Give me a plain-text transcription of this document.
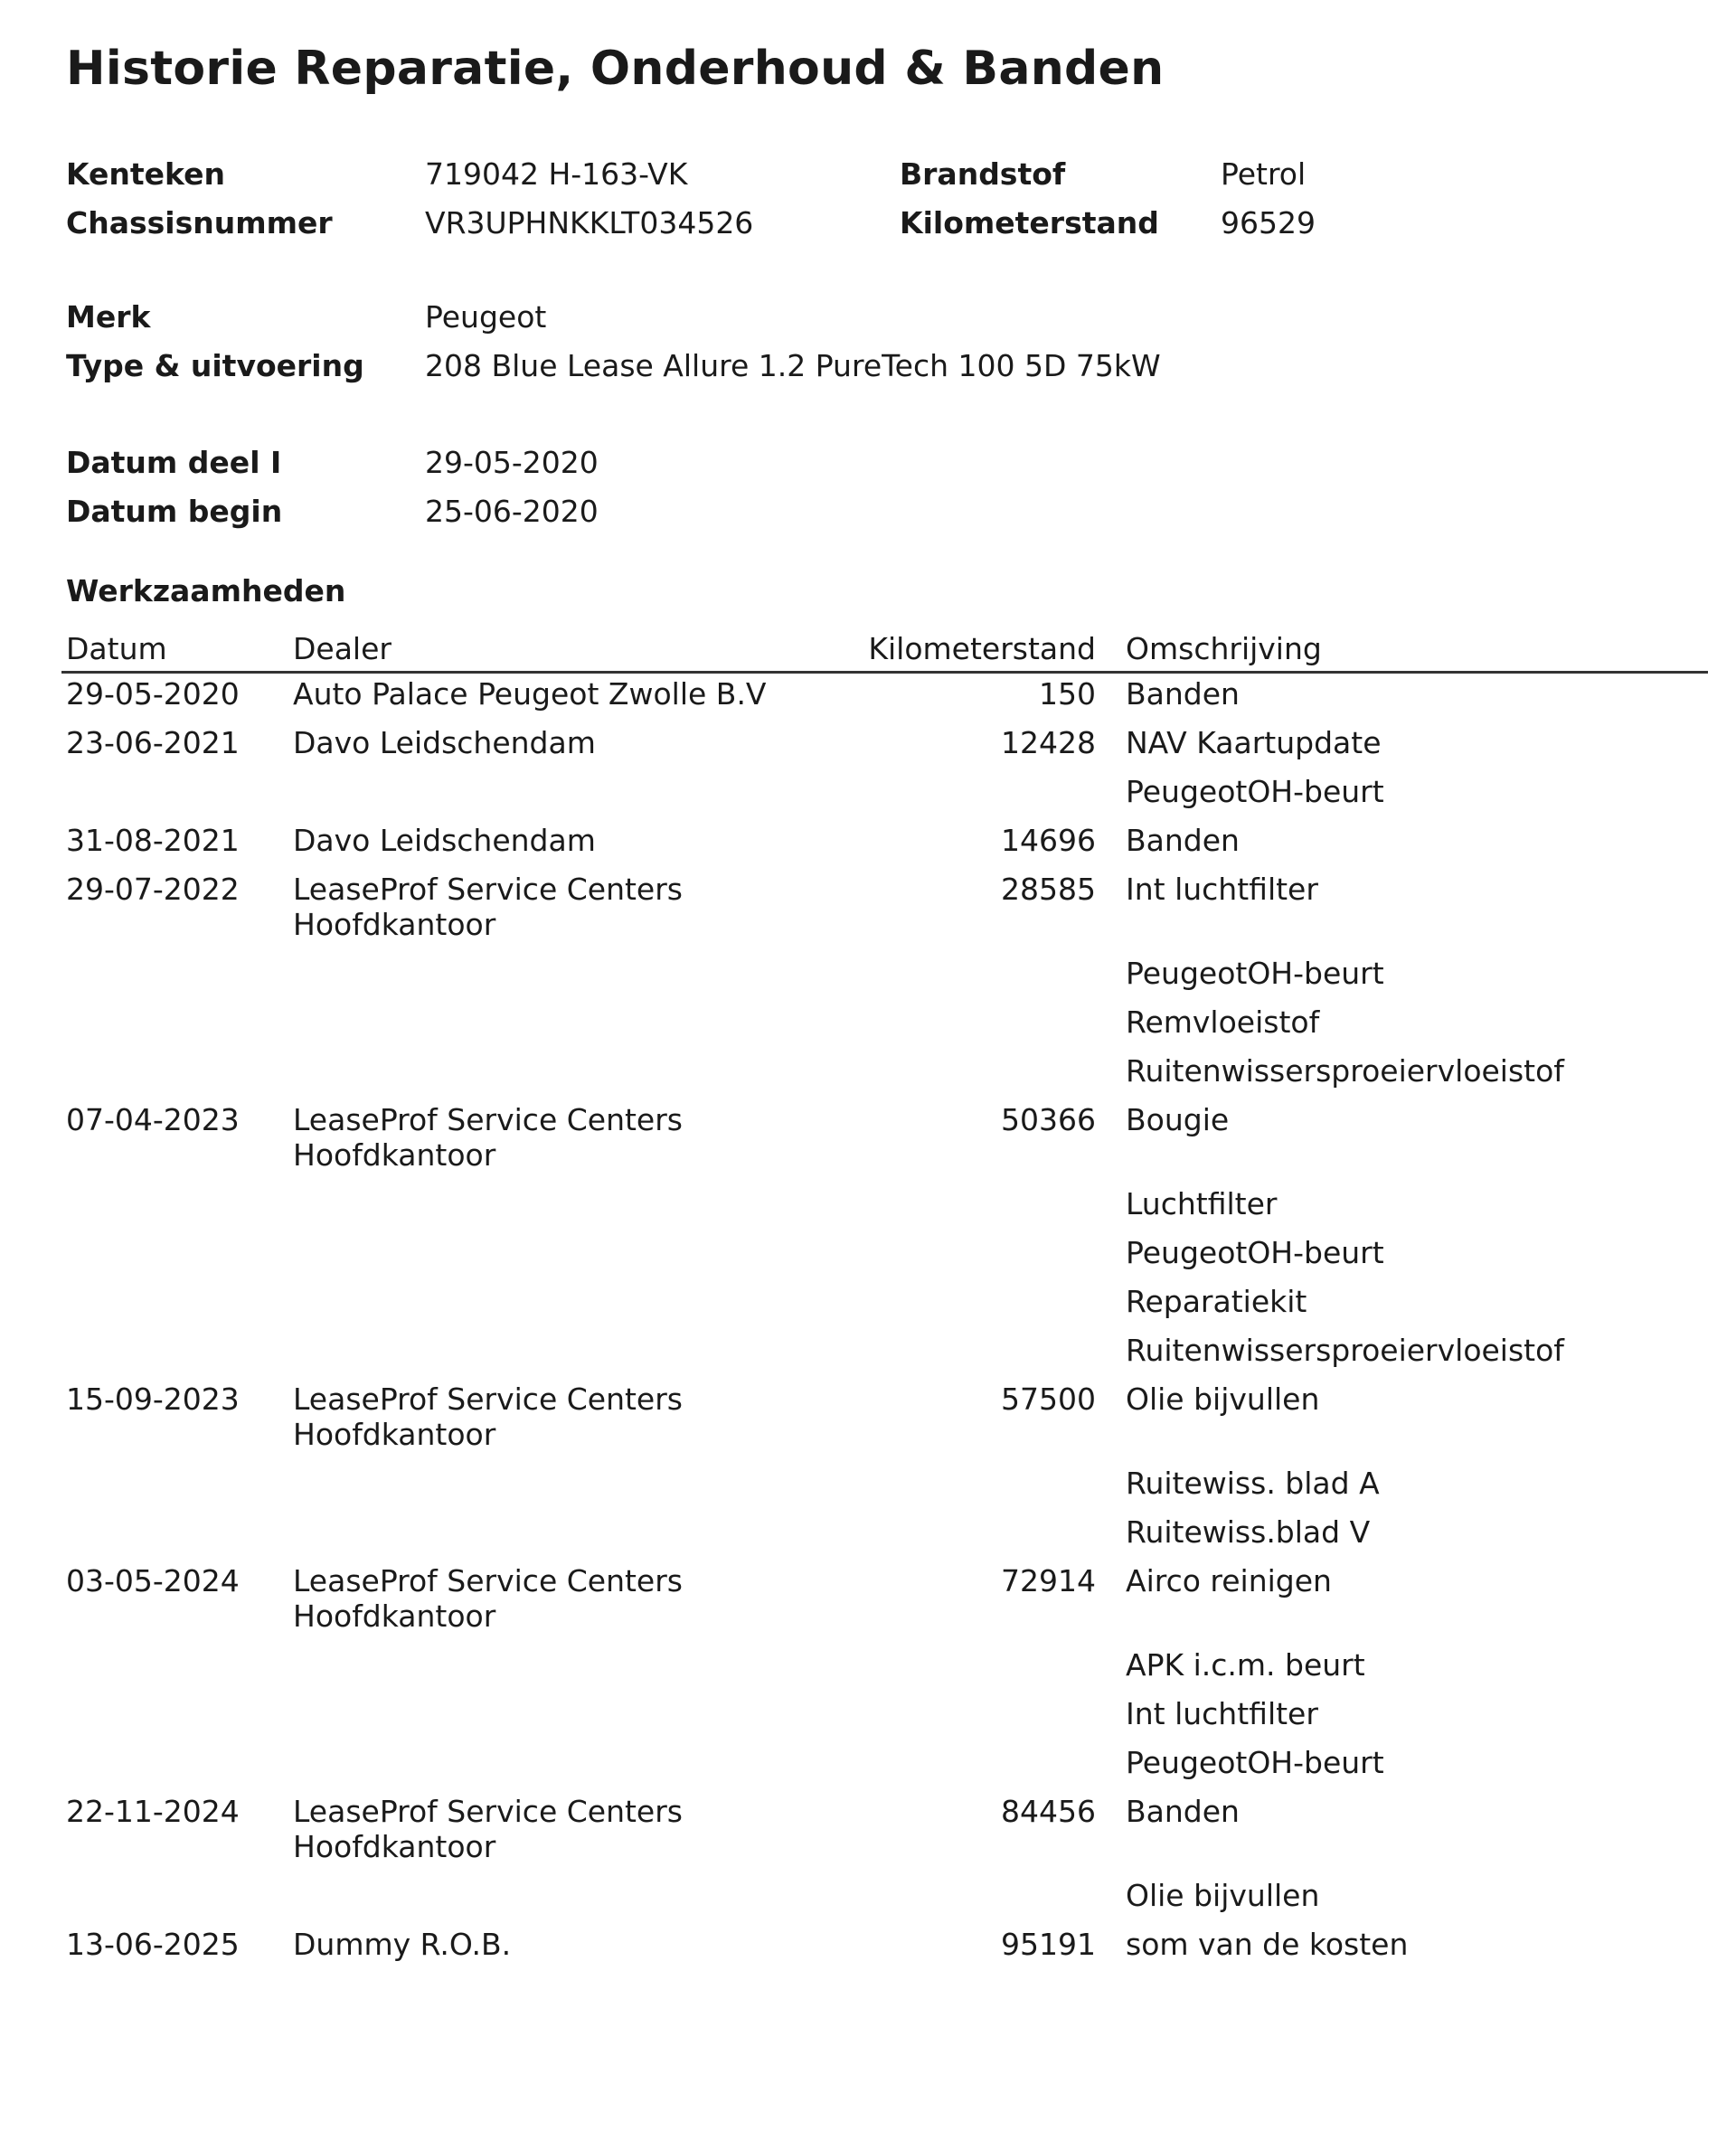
Historie Reparatie, Onderhoud & Banden
Kenteken	719042 H-163-VK	Brandstof	Petrol
Chassisnummer	VR3UPHNKKLT034526	Kilometerstand 96529
Merk	Peugeot
Type & uitvoering 208 Blue Lease Allure 1.2 PureTech 100 5D 75kW
Datum deel I	29-05-2020
Datum begin	25-06-2020
Werkzaamheden
Datum	Dealer	Kilometerstand Omschrijving
29-05-2020 Auto Palace Peugeot Zwolle B.V	150 Banden
23-06-2021 Davo Leidschendam	12428 NAV Kaartupdate
PeugeotOH-beurt
31-08-2021 Davo Leidschendam	14696 Banden
29-07-2022 LeaseProf Service Centers
Hoofdkantoor
28585 Int luchtfilter
PeugeotOH-beurt
Remvloeistof
Ruitenwissersproeiervloeistof
07-04-2023 LeaseProf Service Centers
Hoofdkantoor
50366 Bougie
Luchtfilter
PeugeotOH-beurt
Reparatiekit
Ruitenwissersproeiervloeistof
15-09-2023 LeaseProf Service Centers
Hoofdkantoor
57500 Olie bijvullen
Ruitewiss. blad A
Ruitewiss.blad V
03-05-2024 LeaseProf Service Centers
Hoofdkantoor
72914 Airco reinigen
APK i.c.m. beurt
Int luchtfilter
PeugeotOH-beurt
22-11-2024 LeaseProf Service Centers
Hoofdkantoor
84456 Banden
Olie bijvullen
13-06-2025 Dummy R.O.B.	95191 som van de kosten
